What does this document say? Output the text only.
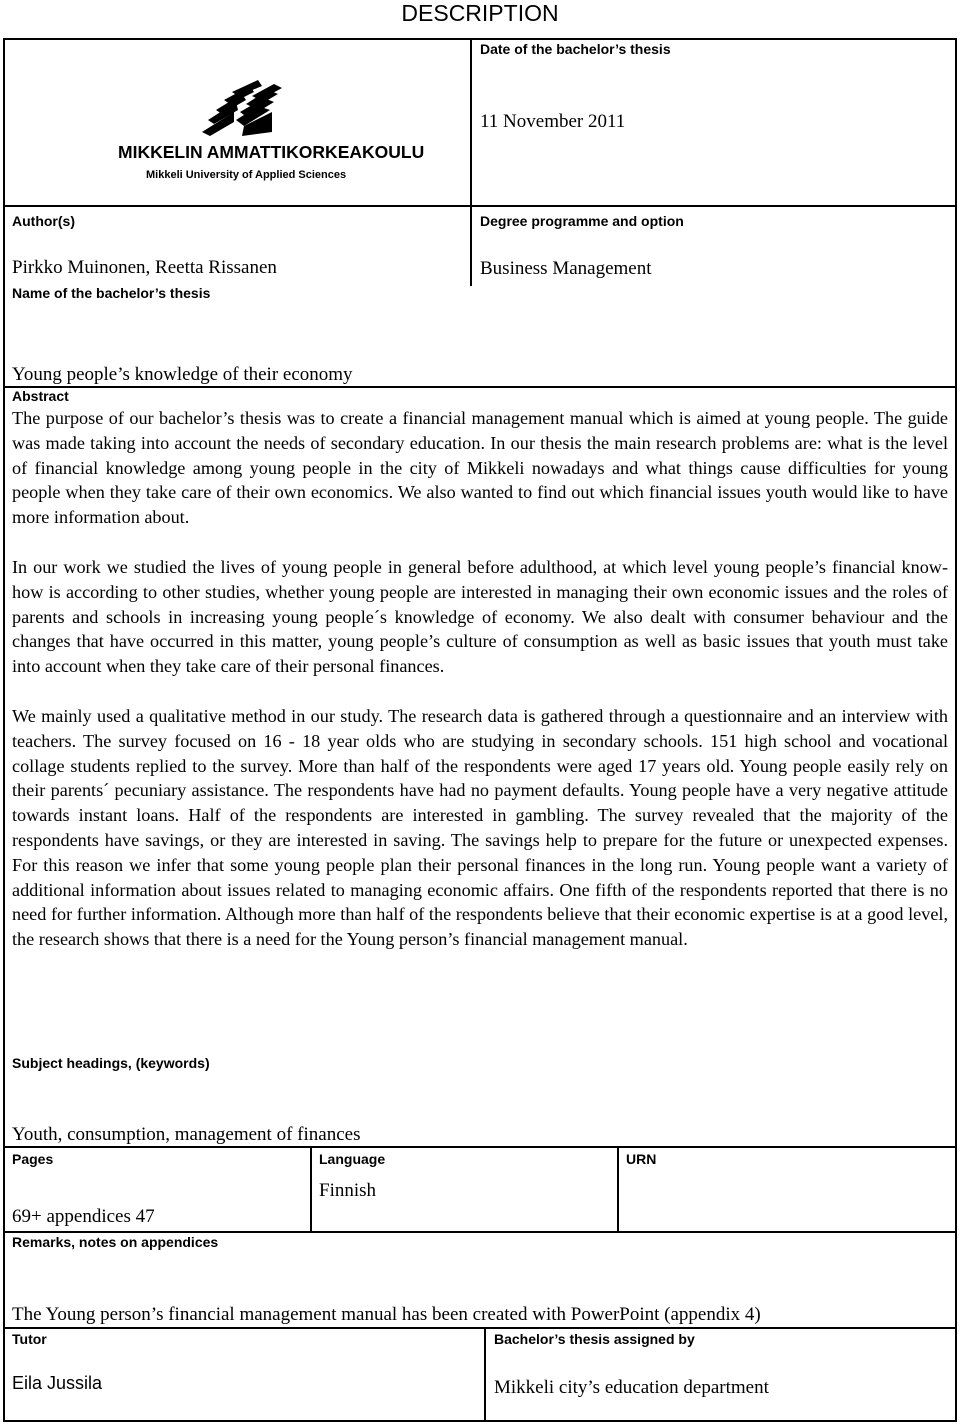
DESCRIPTION
MIKKELIN AMMATTIKORKEAKOULU
Mikkeli University of Applied Sciences
Date of the bachelor’s thesis
11 November 2011
Author(s)
Pirkko Muinonen, Reetta Rissanen
Degree programme and option
Business Management
Name of the bachelor’s thesis
Young people’s knowledge of their economy
Abstract

The purpose of our bachelor’s thesis was to create a financial management manual which is aimed at young people. The guide was made taking into account the needs of secondary education. In our thesis the main research problems are: what is the level of financial knowledge among young people in the city of Mikkeli nowadays and what things cause difficulties for young people when they take care of their own economics. We also wanted to find out which financial issues youth would like to have more information about.

In our work we studied the lives of young people in general before adulthood, at which level young people’s financial know-how is according to other studies, whether young people are interested in managing their own economic issues and the roles of parents and schools in increasing young people´s knowledge of economy. We also dealt with consumer behaviour and the changes that have occurred in this matter, young people’s culture of consumption as well as basic issues that youth must take into account when they take care of their personal finances.

We mainly used a qualitative method in our study. The research data is gathered through a questionnaire and an interview with teachers. The survey focused on 16 - 18 year olds who are studying in secondary schools. 151 high school and vocational collage students replied to the survey. More than half of the respondents were aged 17 years old. Young people easily rely on their parents´ pecuniary assistance. The respondents have had no payment defaults. Young people have a very negative attitude towards instant loans. Half of the respondents are interested in gambling. The survey revealed that the majority of the respondents have savings, or they are interested in saving. The savings help to prepare for the future or unexpected expenses. For this reason we infer that some young people plan their personal finances in the long run. Young people want a variety of additional information about issues related to managing economic affairs. One fifth of the respondents reported that there is no need for further information. Although more than half of the respondents believe that their economic expertise is at a good level, the research shows that there is a need for the Young person’s financial management manual.

Subject headings, (keywords)
Youth, consumption, management of finances
Pages
69+ appendices 47
Language
Finnish
URN
Remarks, notes on appendices
The Young person’s financial management manual has been created with PowerPoint (appendix 4)
Tutor
Eila Jussila
Bachelor’s thesis assigned by
Mikkeli city’s education department
